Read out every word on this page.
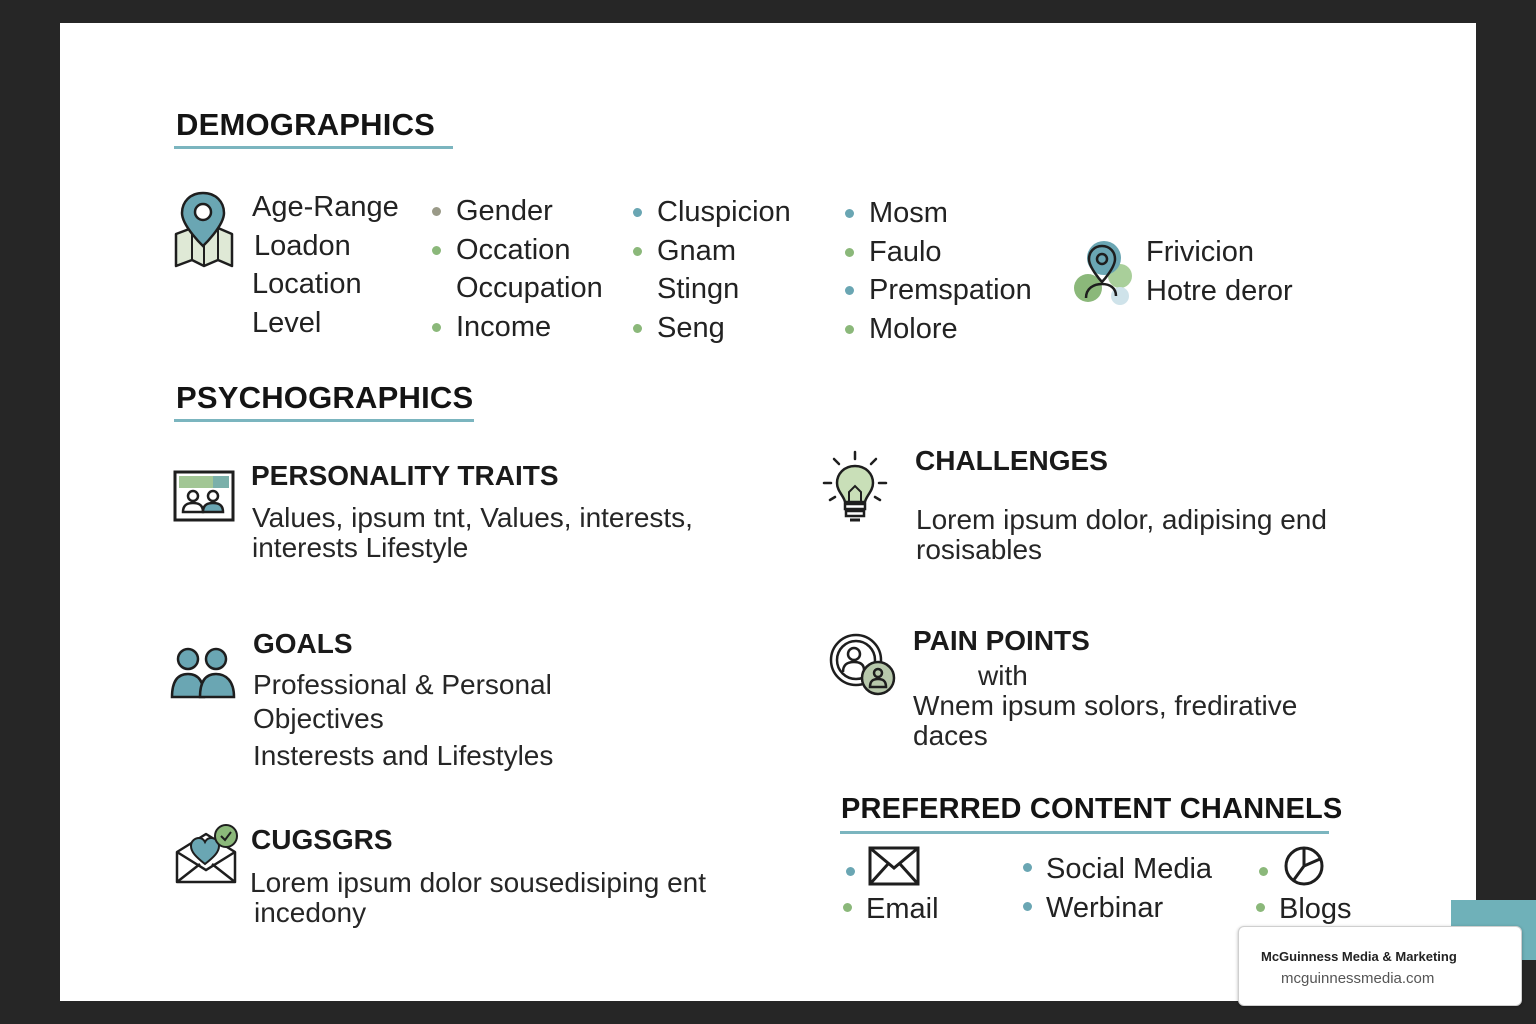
DEMOGRAPHICS
Age-Range
Loadon
Location
Level
Gender
Occation
Occupation
Income
Cluspicion
Gnam
Stingn
Seng
Mosm
Faulo
Premspation
Molore
Frivicion
Hotre deror
PSYCHOGRAPHICS
PERSONALITY TRAITS
Values, ipsum tnt, Values, interests,
interests Lifestyle
CHALLENGES
Lorem ipsum dolor, adipising end
rosisables
GOALS
Professional & Personal
Objectives
Insterests and Lifestyles
PAIN POINTS
with
Wnem ipsum solors, fredirative
daces
CUGSGRS
Lorem ipsum dolor sousedisiping ent
incedony
PREFERRED CONTENT CHANNELS
Email
Social Media
Werbinar	Blogs
McGuinness Media & Marketing
mcguinnessmedia.com
